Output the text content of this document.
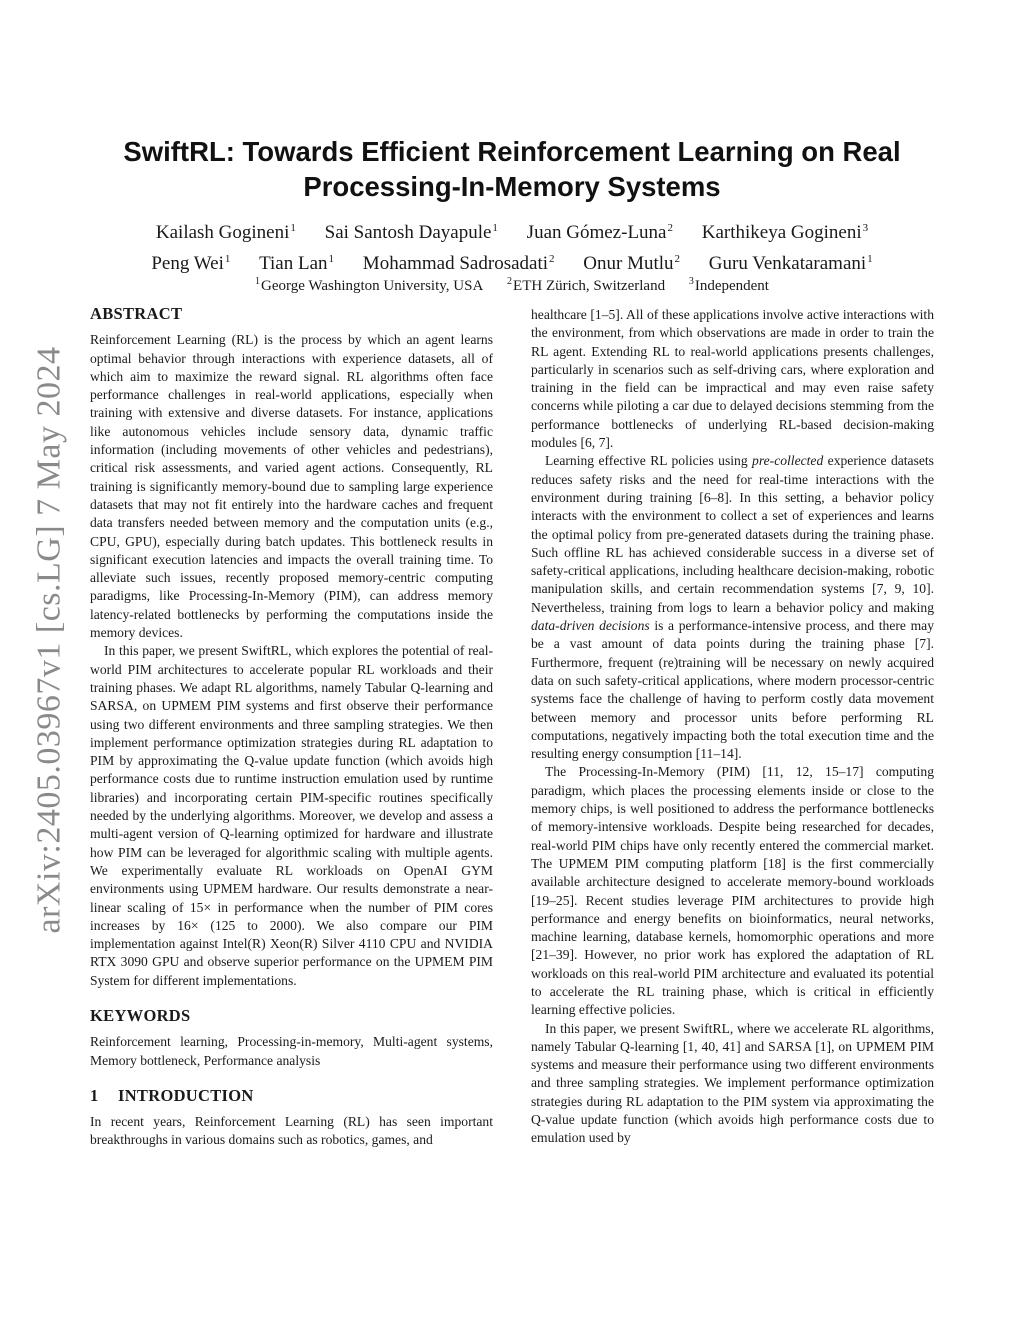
arXiv:2405.03967v1 [cs.LG] 7 May 2024
SwiftRL: Towards Efficient Reinforcement Learning on Real
Processing-In-Memory Systems
Kailash Gogineni$^1$ Sai Santosh Dayapule$^1$ Juan Gómez-Luna$^2$ Karthikeya Gogineni$^3$
Peng Wei$^1$ Tian Lan$^1$ Mohammad Sadrosadati$^2$ Onur Mutlu$^2$ Guru Venkataramani$^1$
$^1$George Washington University, USA $^2$ETH Zürich, Switzerland $^3$Independent
ABSTRACT

Reinforcement Learning (RL) is the process by which an agent learns optimal behavior through interactions with experience datasets, all of which aim to maximize the reward signal. RL algorithms often face performance challenges in real-world applications, especially when training with extensive and diverse datasets. For instance, applications like autonomous vehicles include sensory data, dynamic traffic information (including movements of other vehicles and pedestrians), critical risk assessments, and varied agent actions. Consequently, RL training is significantly memory-bound due to sampling large experience datasets that may not fit entirely into the hardware caches and frequent data transfers needed between memory and the computation units (e.g., CPU, GPU), especially during batch updates. This bottleneck results in significant execution latencies and impacts the overall training time. To alleviate such issues, recently proposed memory-centric computing paradigms, like Processing-In-Memory (PIM), can address memory latency-related bottlenecks by performing the computations inside the memory devices.

In this paper, we present SwiftRL, which explores the potential of real-world PIM architectures to accelerate popular RL workloads and their training phases. We adapt RL algorithms, namely Tabular Q-learning and SARSA, on UPMEM PIM systems and first observe their performance using two different environments and three sampling strategies. We then implement performance optimization strategies during RL adaptation to PIM by approximating the Q-value update function (which avoids high performance costs due to runtime instruction emulation used by runtime libraries) and incorporating certain PIM-specific routines specifically needed by the underlying algorithms. Moreover, we develop and assess a multi-agent version of Q-learning optimized for hardware and illustrate how PIM can be leveraged for algorithmic scaling with multiple agents. We experimentally evaluate RL workloads on OpenAI GYM environments using UPMEM hardware. Our results demonstrate a near-linear scaling of 15× in performance when the number of PIM cores increases by 16× (125 to 2000). We also compare our PIM implementation against Intel(R) Xeon(R) Silver 4110 CPU and NVIDIA RTX 3090 GPU and observe superior performance on the UPMEM PIM System for different implementations.

KEYWORDS

Reinforcement learning, Processing-in-memory, Multi-agent systems, Memory bottleneck, Performance analysis

1 INTRODUCTION

In recent years, Reinforcement Learning (RL) has seen important breakthroughs in various domains such as robotics, games, and

healthcare [1–5]. All of these applications involve active interactions with the environment, from which observations are made in order to train the RL agent. Extending RL to real-world applications presents challenges, particularly in scenarios such as self-driving cars, where exploration and training in the field can be impractical and may even raise safety concerns while piloting a car due to delayed decisions stemming from the performance bottlenecks of underlying RL-based decision-making modules [6, 7].

Learning effective RL policies using pre-collected experience datasets reduces safety risks and the need for real-time interactions with the environment during training [6–8]. In this setting, a behavior policy interacts with the environment to collect a set of experiences and learns the optimal policy from pre-generated datasets during the training phase. Such offline RL has achieved considerable success in a diverse set of safety-critical applications, including healthcare decision-making, robotic manipulation skills, and certain recommendation systems [7, 9, 10]. Nevertheless, training from logs to learn a behavior policy and making data-driven decisions is a performance-intensive process, and there may be a vast amount of data points during the training phase [7]. Furthermore, frequent (re)training will be necessary on newly acquired data on such safety-critical applications, where modern processor-centric systems face the challenge of having to perform costly data movement between memory and processor units before performing RL computations, negatively impacting both the total execution time and the resulting energy consumption [11–14].

The Processing-In-Memory (PIM) [11, 12, 15–17] computing paradigm, which places the processing elements inside or close to the memory chips, is well positioned to address the performance bottlenecks of memory-intensive workloads. Despite being researched for decades, real-world PIM chips have only recently entered the commercial market. The UPMEM PIM computing platform [18] is the first commercially available architecture designed to accelerate memory-bound workloads [19–25]. Recent studies leverage PIM architectures to provide high performance and energy benefits on bioinformatics, neural networks, machine learning, database kernels, homomorphic operations and more [21–39]. However, no prior work has explored the adaptation of RL workloads on this real-world PIM architecture and evaluated its potential to accelerate the RL training phase, which is critical in efficiently learning effective policies.

In this paper, we present SwiftRL, where we accelerate RL algorithms, namely Tabular Q-learning [1, 40, 41] and SARSA [1], on UPMEM PIM systems and measure their performance using two different environments and three sampling strategies. We implement performance optimization strategies during RL adaptation to the PIM system via approximating the Q-value update function (which avoids high performance costs due to emulation used by
